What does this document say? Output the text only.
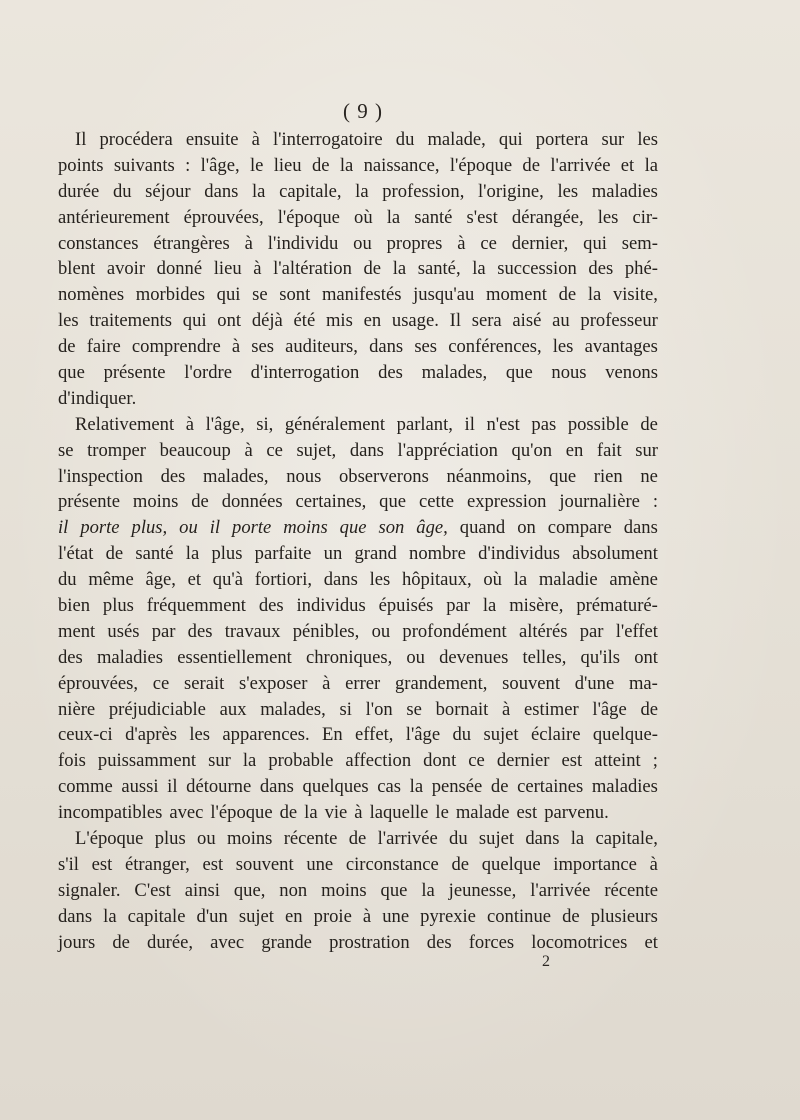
( 9 )
Il procédera ensuite à l'interrogatoire du malade, qui portera sur les
points suivants : l'âge, le lieu de la naissance, l'époque de l'arrivée et la
durée du séjour dans la capitale, la profession, l'origine, les maladies
antérieurement éprouvées, l'époque où la santé s'est dérangée, les cir-
constances étrangères à l'individu ou propres à ce dernier, qui sem-
blent avoir donné lieu à l'altération de la santé, la succession des phé-
nomènes morbides qui se sont manifestés jusqu'au moment de la visite,
les traitements qui ont déjà été mis en usage. Il sera aisé au professeur
de faire comprendre à ses auditeurs, dans ses conférences, les avantages
que présente l'ordre d'interrogation des malades, que nous venons
d'indiquer.
Relativement à l'âge, si, généralement parlant, il n'est pas possible de
se tromper beaucoup à ce sujet, dans l'appréciation qu'on en fait sur
l'inspection des malades, nous observerons néanmoins, que rien ne
présente moins de données certaines, que cette expression journalière :
il porte plus, ou il porte moins que son âge, quand on compare dans
l'état de santé la plus parfaite un grand nombre d'individus absolument
du même âge, et qu'à fortiori, dans les hôpitaux, où la maladie amène
bien plus fréquemment des individus épuisés par la misère, prématuré-
ment usés par des travaux pénibles, ou profondément altérés par l'effet
des maladies essentiellement chroniques, ou devenues telles, qu'ils ont
éprouvées, ce serait s'exposer à errer grandement, souvent d'une ma-
nière préjudiciable aux malades, si l'on se bornait à estimer l'âge de
ceux-ci d'après les apparences. En effet, l'âge du sujet éclaire quelque-
fois puissamment sur la probable affection dont ce dernier est atteint ;
comme aussi il détourne dans quelques cas la pensée de certaines maladies
incompatibles avec l'époque de la vie à laquelle le malade est parvenu.
L'époque plus ou moins récente de l'arrivée du sujet dans la capitale,
s'il est étranger, est souvent une circonstance de quelque importance à
signaler. C'est ainsi que, non moins que la jeunesse, l'arrivée récente
dans la capitale d'un sujet en proie à une pyrexie continue de plusieurs
jours de durée, avec grande prostration des forces locomotrices et
2
